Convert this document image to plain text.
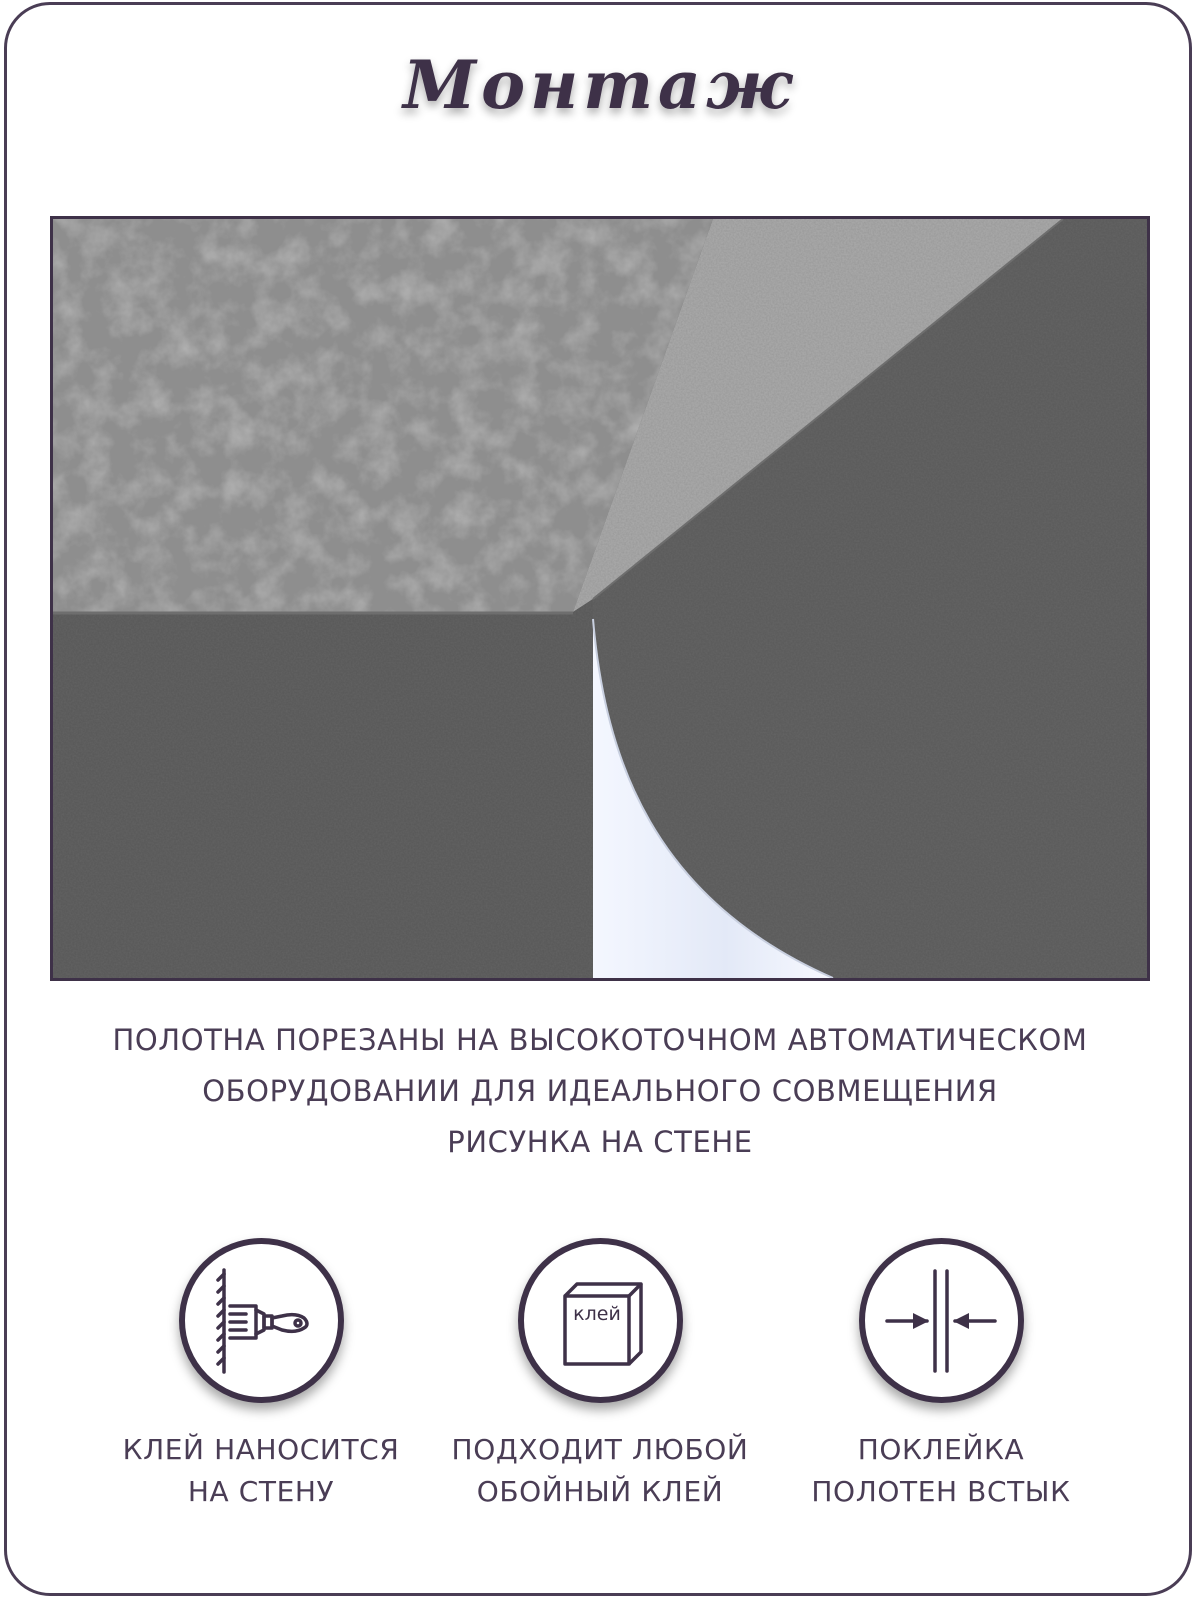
Монтаж
ПОЛОТНА ПОРЕЗАНЫ НА ВЫСОКОТОЧНОМ АВТОМАТИЧЕСКОМ
ОБОРУДОВАНИИ ДЛЯ ИДЕАЛЬНОГО СОВМЕЩЕНИЯ
РИСУНКА НА СТЕНЕ
КЛЕЙ НАНОСИТСЯ
НА СТЕНУ
клей
ПОДХОДИТ ЛЮБОЙ
ОБОЙНЫЙ КЛЕЙ
ПОКЛЕЙКА
ПОЛОТЕН ВСТЫК
